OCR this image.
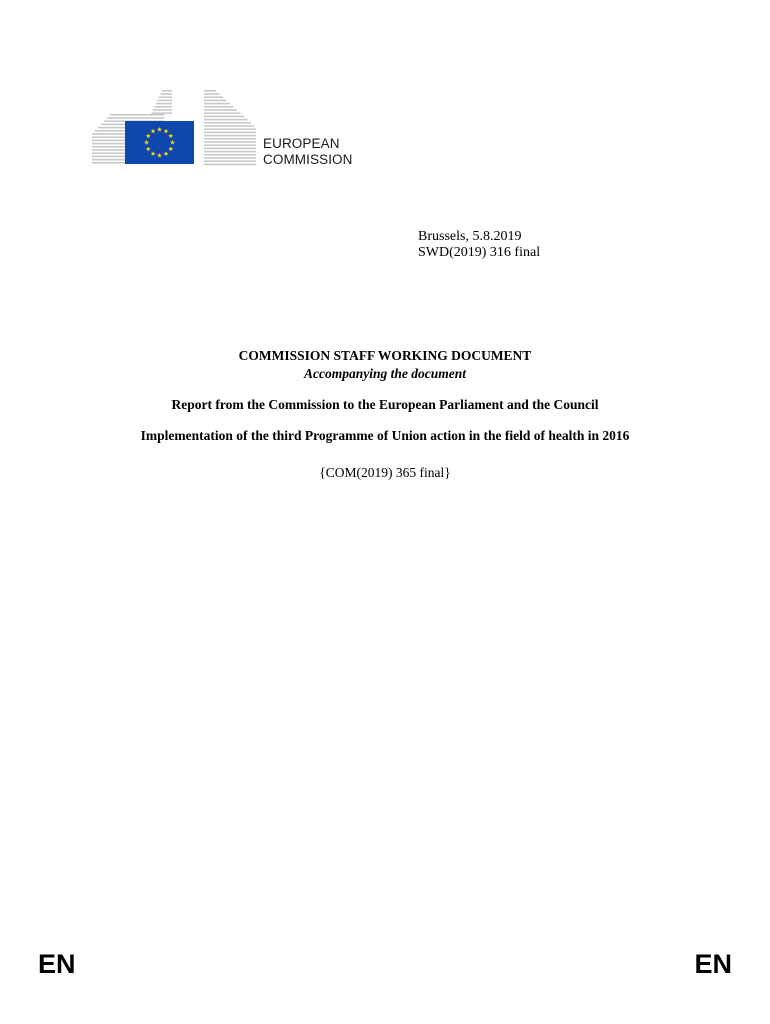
EUROPEAN
COMMISSION
Brussels, 5.8.2019
SWD(2019) 316 final
COMMISSION STAFF WORKING DOCUMENT
Accompanying the document
Report from the Commission to the European Parliament and the Council
Implementation of the third Programme of Union action in the field of health in 2016
{COM(2019) 365 final}
EN	EN
